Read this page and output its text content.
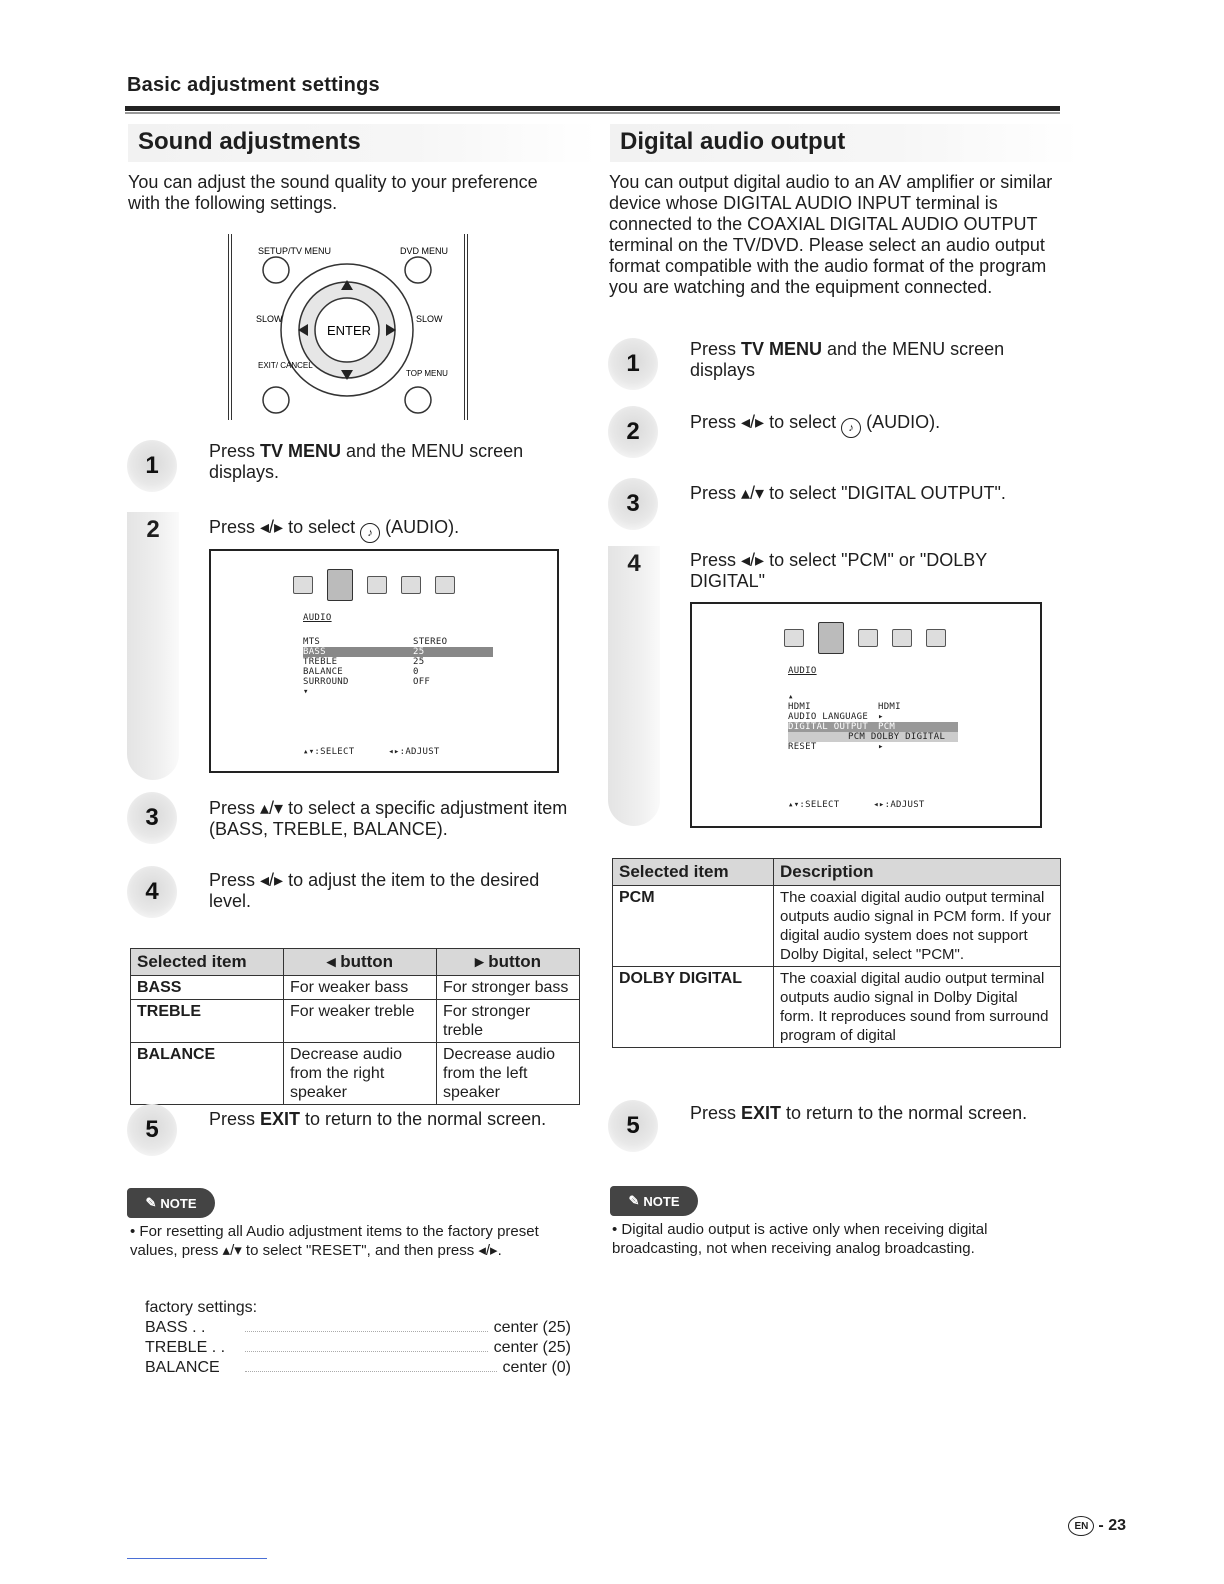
Basic adjustment settings
Sound adjustments
You can adjust the sound quality to your preference with the following settings.
SETUP/TV MENU	DVD MENU
ENTER
SLOW	SLOW
EXIT/ CANCEL
TOP MENU
1
Press TV MENU and the MENU screen displays.
2	Press ◂/▸ to select ♪ (AUDIO).
AUDIO
MTS	STEREO
BASS	25
TREBLE	25
BALANCE	0
SURROUND	OFF
▾
▴▾:SELECT	◂▸:ADJUST
3	Press ▴/▾ to select a specific adjustment item (BASS, TREBLE, BALANCE).
4	Press ◂/▸ to adjust the item to the desired level.
Selected item	◂ button	▸ button
BASS	For weaker bass	For stronger bass
TREBLE	For weaker treble	For stronger treble
BALANCE	Decrease audio from the right speaker	Decrease audio from the left speaker
5	Press EXIT to return to the normal screen.
✎ NOTE
• For resetting all Audio adjustment items to the factory preset values, press ▴/▾ to select "RESET", and then press ◂/▸.
factory settings:
BASS . .	center (25)
TREBLE . .	center (25)
BALANCE	center (0)
Digital audio output
You can output digital audio to an AV amplifier or similar device whose DIGITAL AUDIO INPUT terminal is connected to the COAXIAL DIGITAL AUDIO OUTPUT terminal on the TV/DVD. Please select an audio output format compatible with the audio format of the program you are watching and the equipment connected.
1
Press TV MENU and the MENU screen displays
2	Press ◂/▸ to select ♪ (AUDIO).
3	Press ▴/▾ to select "DIGITAL OUTPUT".
4	Press ◂/▸ to select "PCM" or "DOLBY DIGITAL"
AUDIO
▴
HDMI	HDMI
AUDIO LANGUAGE	▸
DIGITAL OUTPUT	PCM
PCM DOLBY DIGITAL
RESET	▸
▴▾:SELECT	◂▸:ADJUST
Selected item	Description
PCM	The coaxial digital audio output terminal outputs audio signal in PCM form. If your digital audio system does not support Dolby Digital, select "PCM".
DOLBY DIGITAL	The coaxial digital audio output terminal outputs audio signal in Dolby Digital form. It reproduces sound from surround program of digital
5	Press EXIT to return to the normal screen.
✎ NOTE
• Digital audio output is active only when receiving digital broadcasting, not when receiving analog broadcasting.
EN - 23
